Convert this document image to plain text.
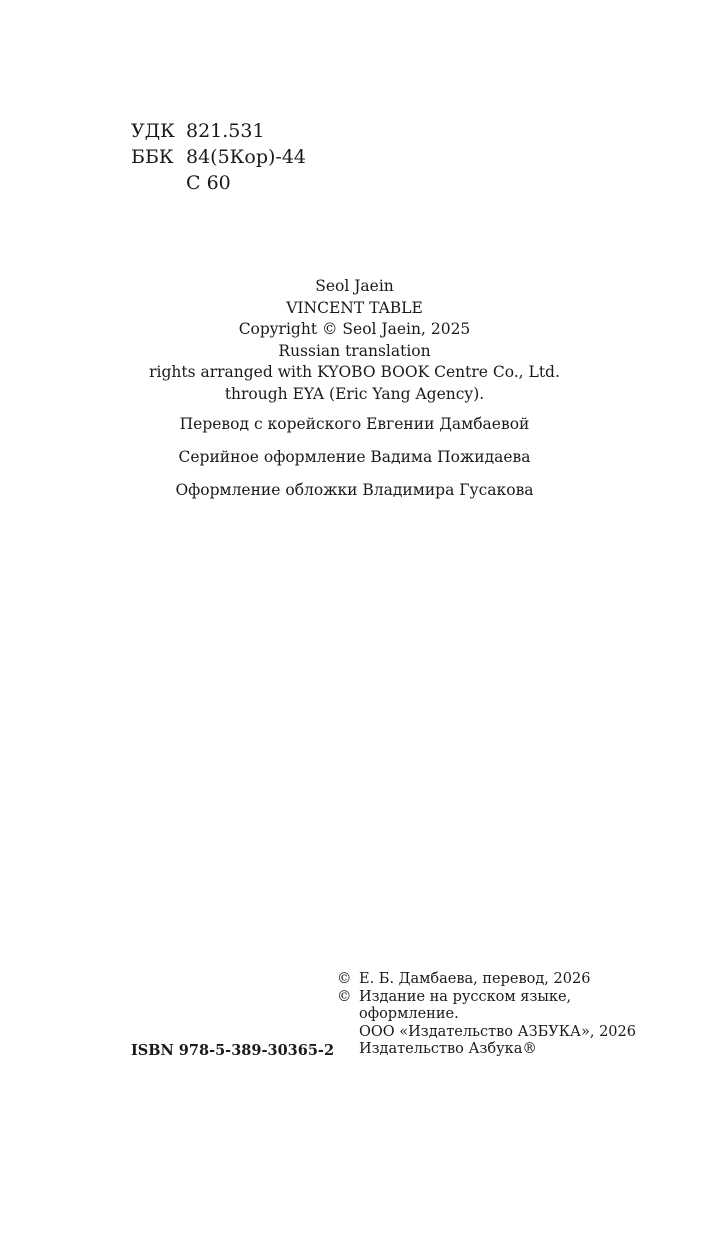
УДК 821.531
ББК 84(5Кор)-44
С 60
Seol Jaein
VINCENT TABLE
Copyright © Seol Jaein, 2025
Russian translation
rights arranged with KYOBO BOOK Centre Co., Ltd.
through EYA (Eric Yang Agency).
Перевод с корейского Евгении Дамбаевой
Серийное оформление Вадима Пожидаева
Оформление обложки Владимира Гусакова
ISBN 978-5-389-30365-2
© Е. Б. Дамбаева, перевод, 2026
© Издание на русском языке,
оформление.
ООО «Издательство АЗБУКА», 2026
Издательство Азбука®
